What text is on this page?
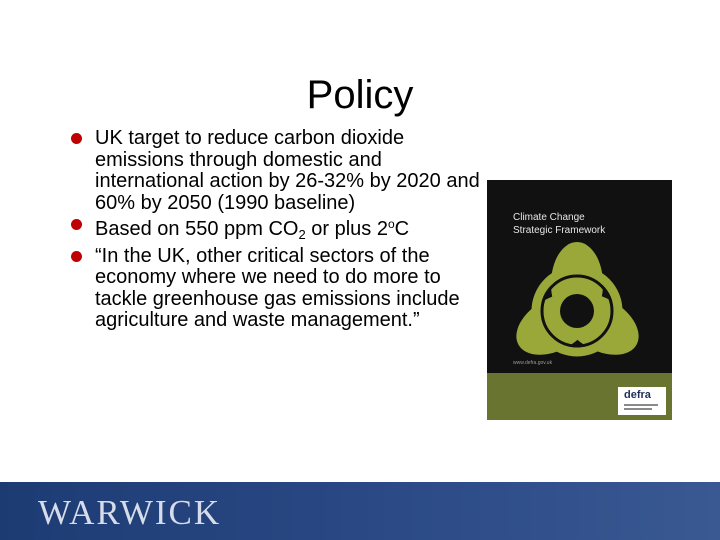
Policy
UK target to reduce carbon dioxide emissions through domestic and international action by 26-32% by 2020 and 60% by 2050 (1990 baseline)
Based on 550 ppm $CO_2$ or plus 2$^o$C
“In the UK, other critical sectors of the economy where we need to do more to tackle greenhouse gas emissions include agriculture and waste management.”
Climate Change
Strategic Framework
www.defra.gov.uk
defra
WARWICK
